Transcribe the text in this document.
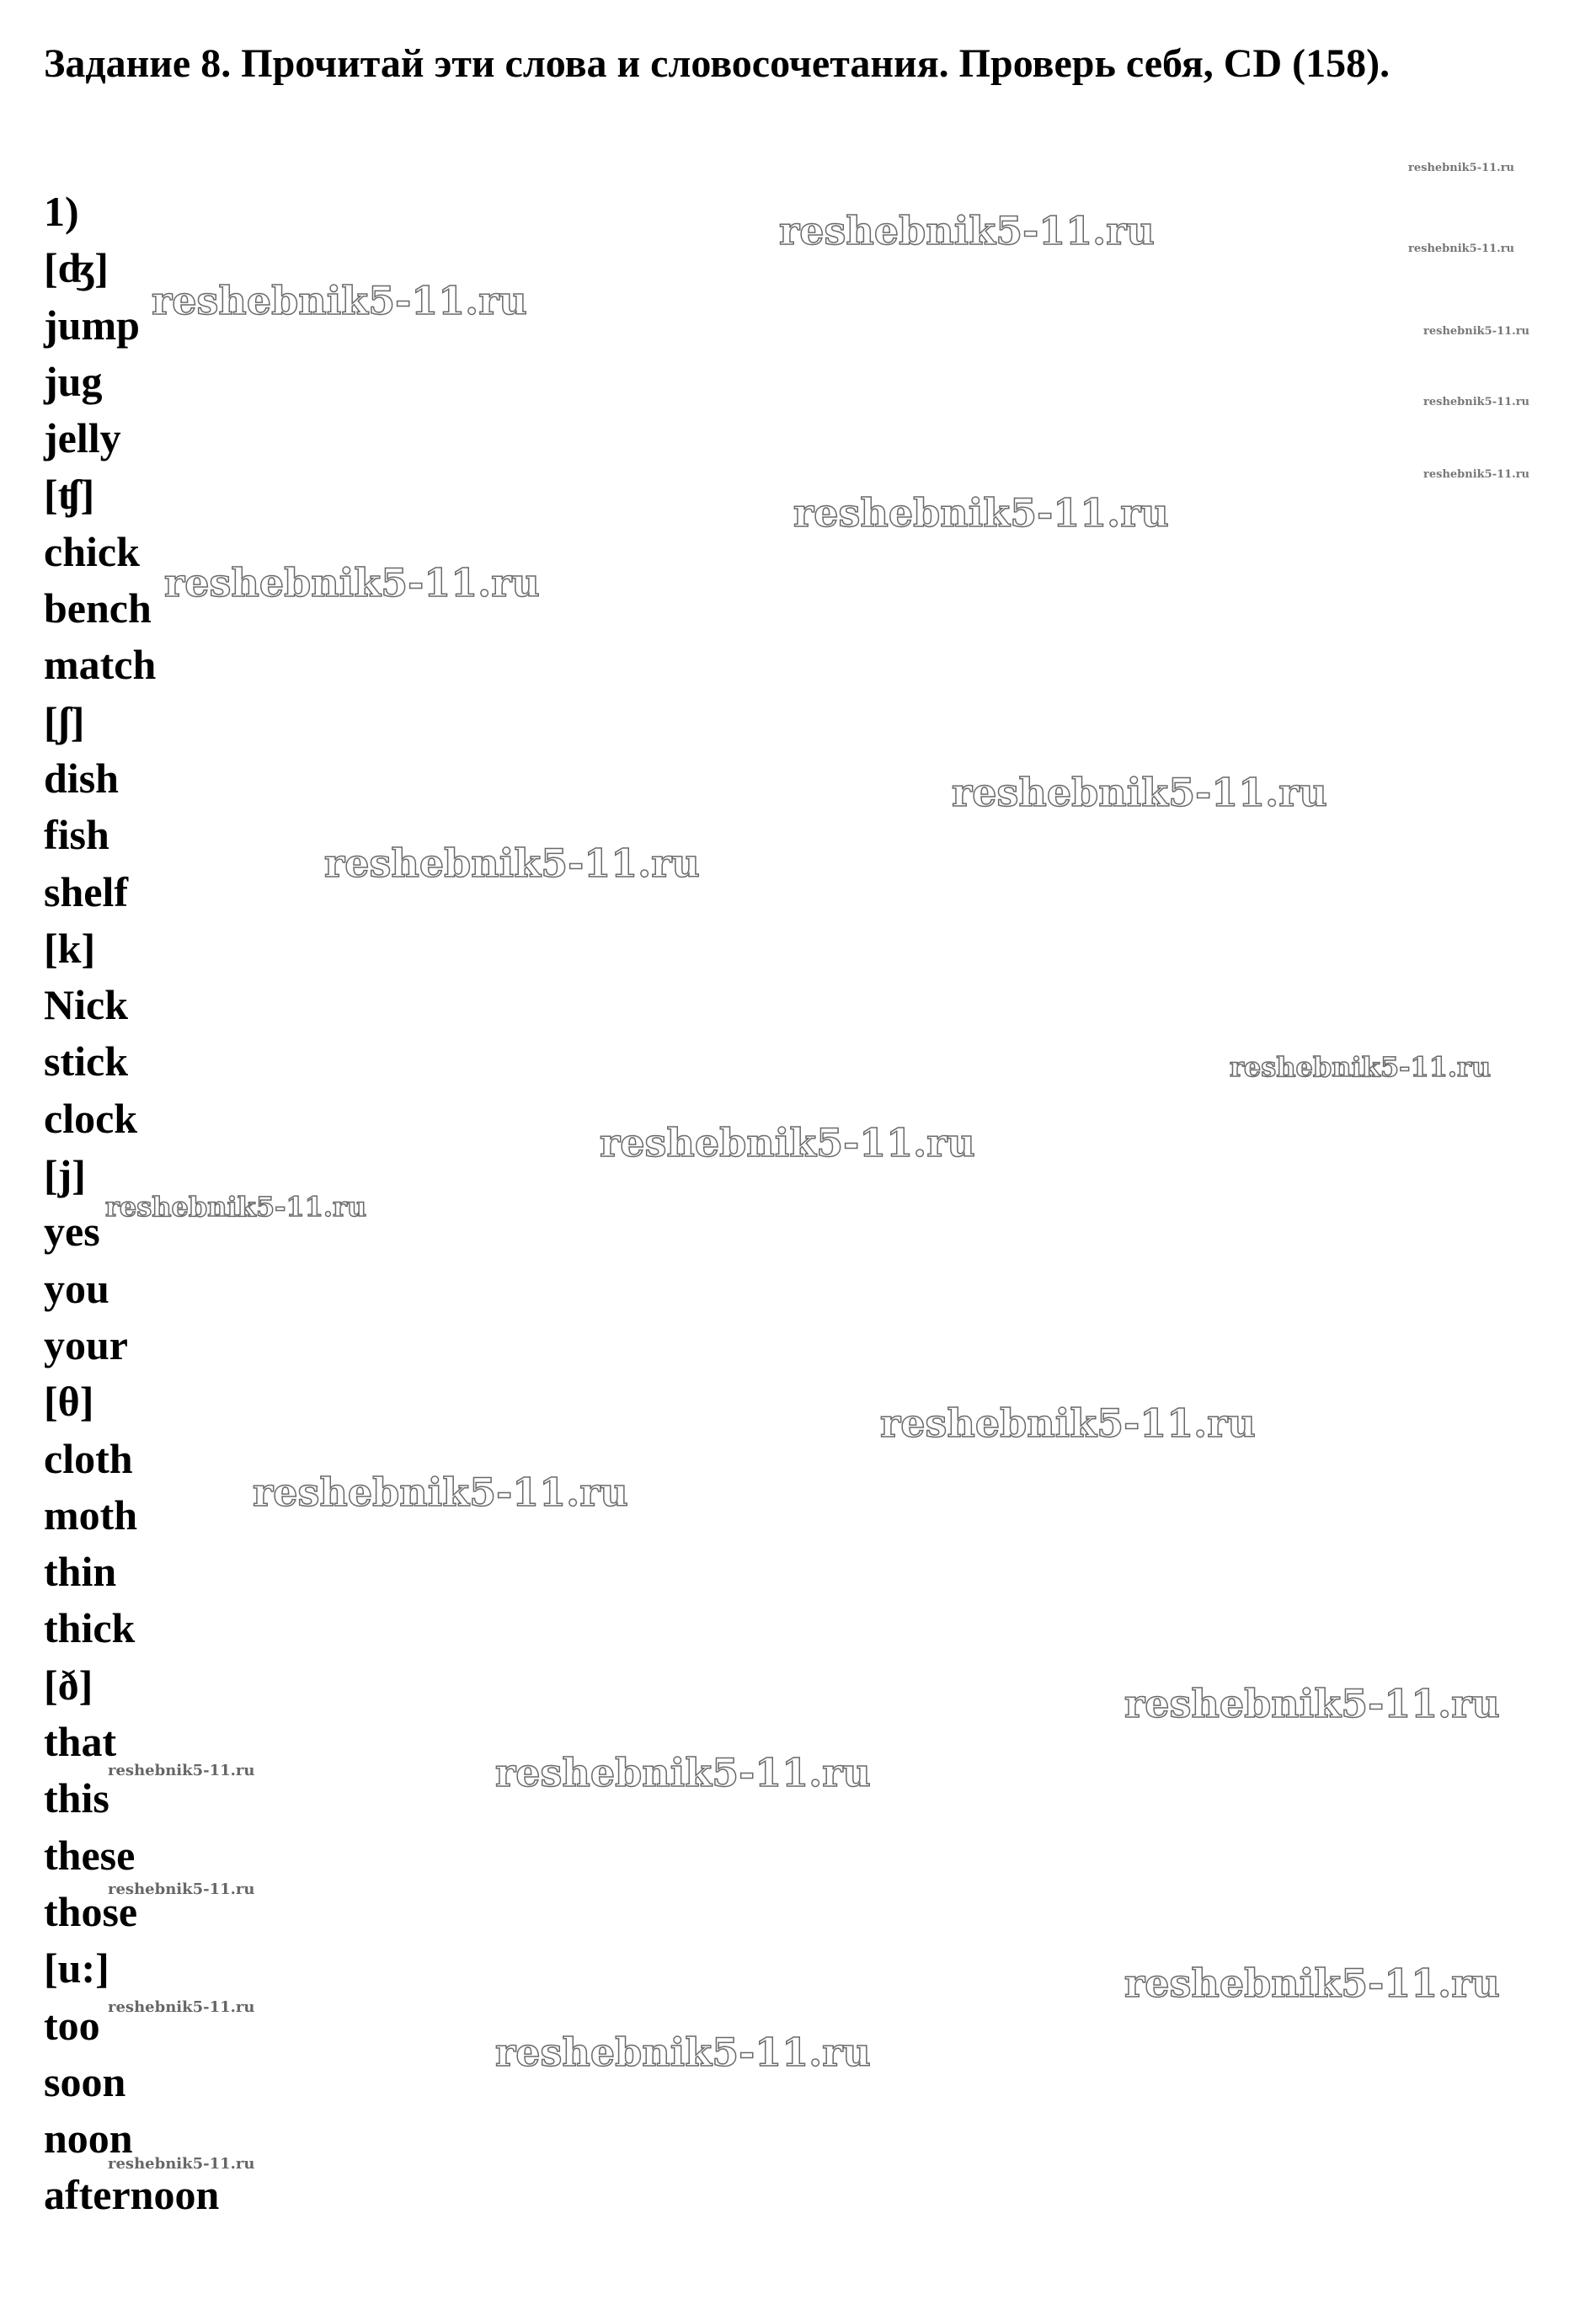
Задание 8. Прочитай эти слова и словосочетания. Проверь себя, CD (158).
1)
[ʤ]
jump
jug
jelly
[ʧ]
chick
bench
match
[ʃ]
dish
fish
shelf
[k]
Nick
stick
clock
[j]
yes
you
your
[θ]
cloth
moth
thin
thick
[ð]
that
this
these
those
[u:]
too
soon
noon
afternoon
reshebnik5-11.ru
reshebnik5-11.ru
reshebnik5-11.ru
reshebnik5-11.ru
reshebnik5-11.ru
reshebnik5-11.ru
reshebnik5-11.ru
reshebnik5-11.ru
reshebnik5-11.ru
reshebnik5-11.ru
reshebnik5-11.ru
reshebnik5-11.ru
reshebnik5-11.ru
reshebnik5-11.ru
reshebnik5-11.ru
reshebnik5-11.ru
reshebnik5-11.ru
reshebnik5-11.ru
reshebnik5-11.ru
reshebnik5-11.ru
reshebnik5-11.ru
reshebnik5-11.ru
reshebnik5-11.ru
reshebnik5-11.ru
